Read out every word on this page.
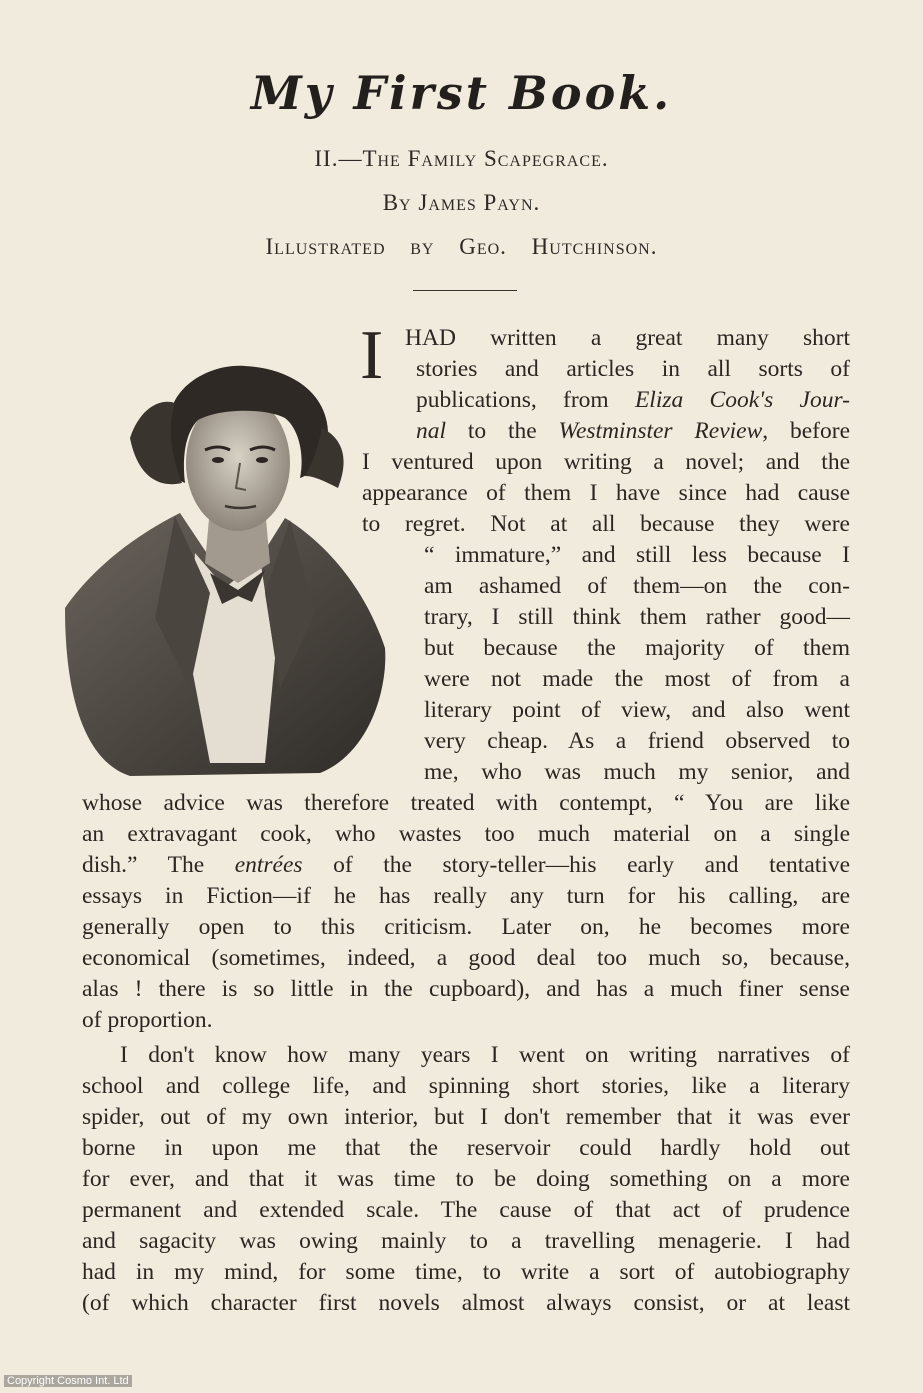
My First Book.
II.—The Family Scapegrace.
By James Payn.
Illustrated by Geo. Hutchinson.
I HAD written a great many short
stories and articles in all sorts of
publications, from Eliza Cook's Jour-
nal to the Westminster Review, before
I ventured upon writing a novel; and the
appearance of them I have since had cause
to regret. Not at all because they were
“ immature,” and still less because I
am ashamed of them—on the con-
trary, I still think them rather good—
but because the majority of them
were not made the most of from a
literary point of view, and also went
very cheap. As a friend observed to
me, who was much my senior, and
whose advice was therefore treated with contempt, “ You are like
an extravagant cook, who wastes too much material on a single
dish.” The entrées of the story-teller—his early and tentative
essays in Fiction—if he has really any turn for his calling, are
generally open to this criticism. Later on, he becomes more
economical (sometimes, indeed, a good deal too much so, because,
alas ! there is so little in the cupboard), and has a much finer sense
of proportion.
I don't know how many years I went on writing narratives of
school and college life, and spinning short stories, like a literary
spider, out of my own interior, but I don't remember that it was ever
borne in upon me that the reservoir could hardly hold out
for ever, and that it was time to be doing something on a more
permanent and extended scale. The cause of that act of prudence
and sagacity was owing mainly to a travelling menagerie. I had
had in my mind, for some time, to write a sort of autobiography
(of which character first novels almost always consist, or at least
Copyright Cosmo Int. Ltd
